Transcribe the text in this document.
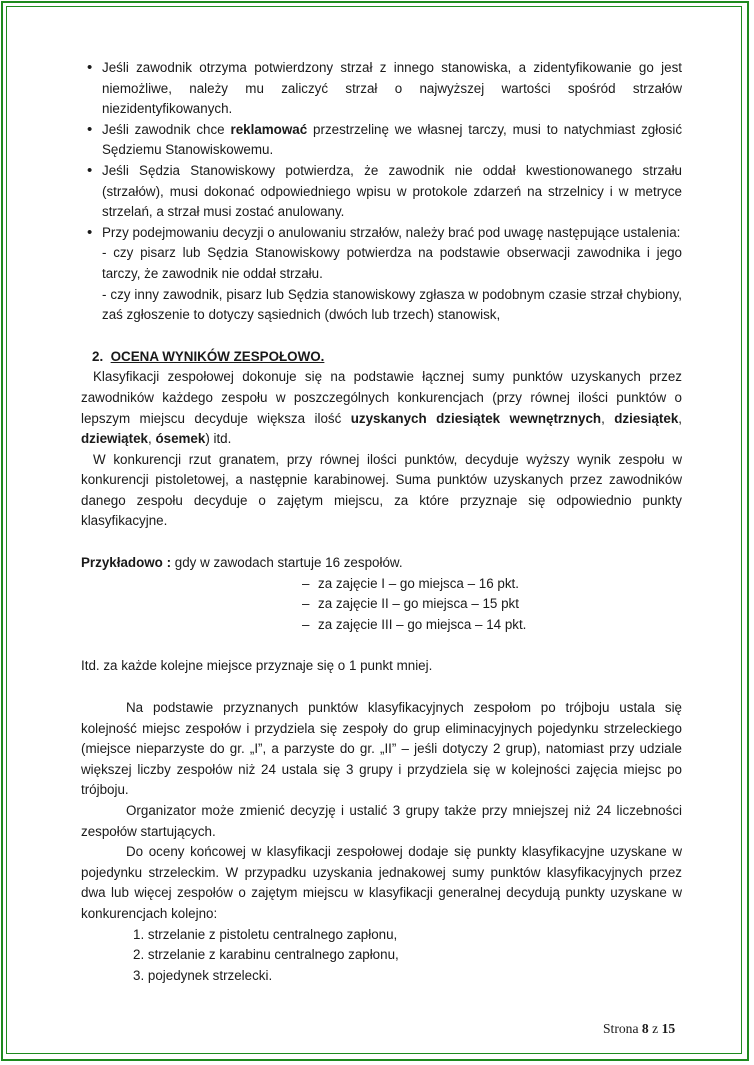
• Jeśli zawodnik otrzyma potwierdzony strzał z innego stanowiska, a zidentyfikowanie go jest niemożliwe, należy mu zaliczyć strzał o najwyższej wartości spośród strzałów niezidentyfikowanych.
• Jeśli zawodnik chce reklamować przestrzelinę we własnej tarczy, musi to natychmiast zgłosić Sędziemu Stanowiskowemu.
• Jeśli Sędzia Stanowiskowy potwierdza, że zawodnik nie oddał kwestionowanego strzału (strzałów), musi dokonać odpowiedniego wpisu w protokole zdarzeń na strzelnicy i w metryce strzelań, a strzał musi zostać anulowany.
• Przy podejmowaniu decyzji o anulowaniu strzałów, należy brać pod uwagę następujące ustalenia:

- czy pisarz lub Sędzia Stanowiskowy potwierdza na podstawie obserwacji zawodnika i jego tarczy, że zawodnik nie oddał strzału.

- czy inny zawodnik, pisarz lub Sędzia stanowiskowy zgłasza w podobnym czasie strzał chybiony, zaś zgłoszenie to dotyczy sąsiednich (dwóch lub trzech) stanowisk,

2. OCENA WYNIKÓW ZESPOŁOWO.

Klasyfikacji zespołowej dokonuje się na podstawie łącznej sumy punktów uzyskanych przez zawodników każdego zespołu w poszczególnych konkurencjach (przy równej ilości punktów o lepszym miejscu decyduje większa ilość uzyskanych dziesiątek wewnętrznych, dziesiątek, dziewiątek, ósemek) itd.

W konkurencji rzut granatem, przy równej ilości punktów, decyduje wyższy wynik zespołu w konkurencji pistoletowej, a następnie karabinowej. Suma punktów uzyskanych przez zawodników danego zespołu decyduje o zajętym miejscu, za które przyznaje się odpowiednio punkty klasyfikacyjne.

Przykładowo : gdy w zawodach startuje 16 zespołów.

– za zajęcie I – go miejsca – 16 pkt.
– za zajęcie II – go miejsca – 15 pkt
– za zajęcie III – go miejsca – 14 pkt.

Itd. za każde kolejne miejsce przyznaje się o 1 punkt mniej.

Na podstawie przyznanych punktów klasyfikacyjnych zespołom po trójboju ustala się kolejność miejsc zespołów i przydziela się zespoły do grup eliminacyjnych pojedynku strzeleckiego (miejsce nieparzyste do gr. „I”, a parzyste do gr. „II” – jeśli dotyczy 2 grup), natomiast przy udziale większej liczby zespołów niż 24 ustala się 3 grupy i przydziela się w kolejności zajęcia miejsc po trójboju.

Organizator może zmienić decyzję i ustalić 3 grupy także przy mniejszej niż 24 liczebności zespołów startujących.

Do oceny końcowej w klasyfikacji zespołowej dodaje się punkty klasyfikacyjne uzyskane w pojedynku strzeleckim. W przypadku uzyskania jednakowej sumy punktów klasyfikacyjnych przez dwa lub więcej zespołów o zajętym miejscu w klasyfikacji generalnej decydują punkty uzyskane w konkurencjach kolejno:

1. strzelanie z pistoletu centralnego zapłonu,
2. strzelanie z karabinu centralnego zapłonu,
3. pojedynek strzelecki.
Strona 8 z 15
